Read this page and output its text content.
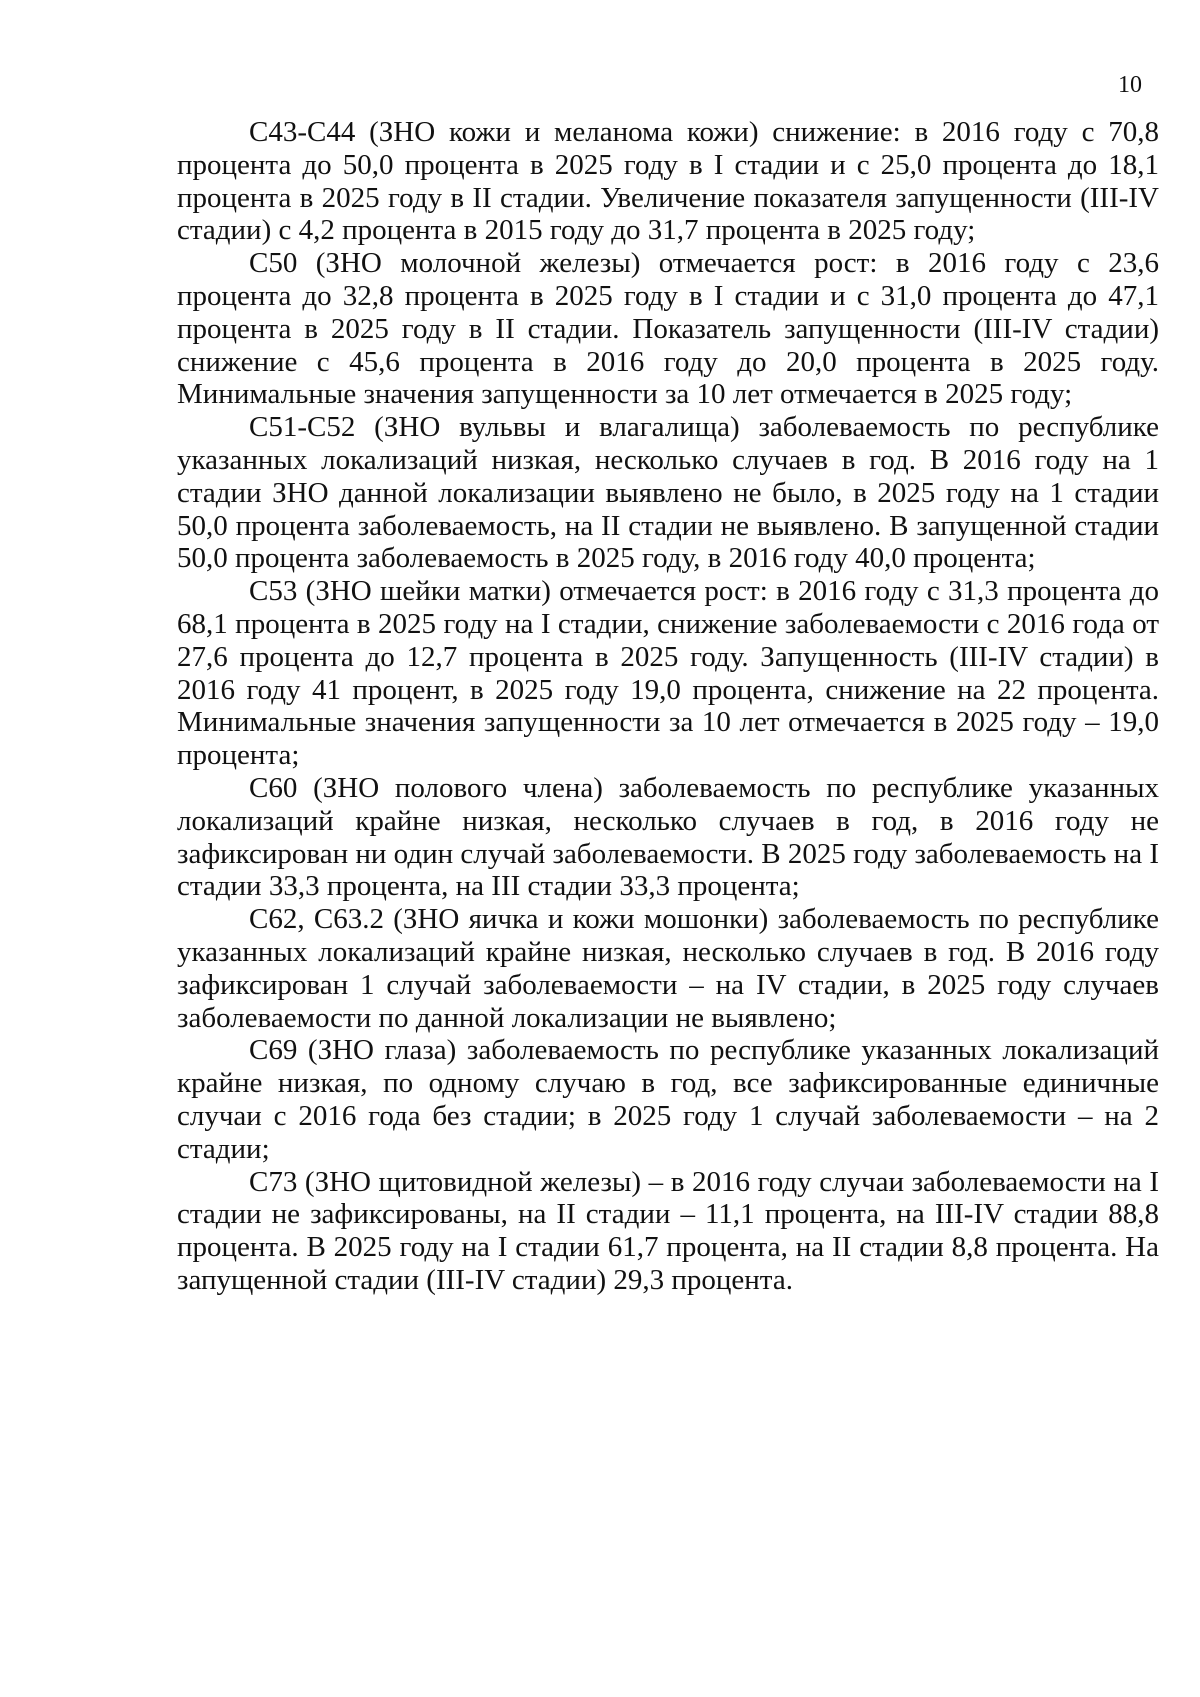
10

C43-C44 (ЗНО кожи и меланома кожи) снижение: в 2016 году с 70,8 процента до 50,0 процента в 2025 году в I стадии и с 25,0 процента до 18,1 процента в 2025 году в II стадии. Увеличение показателя запущенности (III-IV стадии) с 4,2 процента в 2015 году до 31,7 процента в 2025 году;

C50 (ЗНО молочной железы) отмечается рост: в 2016 году с 23,6 процента до 32,8 процента в 2025 году в I стадии и с 31,0 процента до 47,1 процента в 2025 году в II стадии. Показатель запущенности (III-IV стадии) снижение с 45,6 процента в 2016 году до 20,0 процента в 2025 году. Минимальные значения запущенности за 10 лет отмечается в 2025 году;

C51-C52 (ЗНО вульвы и влагалища) заболеваемость по республике указанных локализаций низкая, несколько случаев в год. В 2016 году на 1 стадии ЗНО данной локализации выявлено не было, в 2025 году на 1 стадии 50,0 процента заболеваемость, на II стадии не выявлено. В запущенной стадии 50,0 процента заболеваемость в 2025 году, в 2016 году 40,0 процента;

C53 (ЗНО шейки матки) отмечается рост: в 2016 году с 31,3 процента до 68,1 процента в 2025 году на I стадии, снижение заболеваемости с 2016 года от 27,6 процента до 12,7 процента в 2025 году. Запущенность (III-IV стадии) в 2016 году 41 процент, в 2025 году 19,0 процента, снижение на 22 процента. Минимальные значения запущенности за 10 лет отмечается в 2025 году – 19,0 процента;

C60 (ЗНО полового члена) заболеваемость по республике указанных локализаций крайне низкая, несколько случаев в год, в 2016 году не зафиксирован ни один случай заболеваемости. В 2025 году заболеваемость на I стадии 33,3 процента, на III стадии 33,3 процента;

C62, C63.2 (ЗНО яичка и кожи мошонки) заболеваемость по республике указанных локализаций крайне низкая, несколько случаев в год. В 2016 году зафиксирован 1 случай заболеваемости – на IV стадии, в 2025 году случаев заболеваемости по данной локализации не выявлено;

C69 (ЗНО глаза) заболеваемость по республике указанных локализаций крайне низкая, по одному случаю в год, все зафиксированные единичные случаи с 2016 года без стадии; в 2025 году 1 случай заболеваемости – на 2 стадии;

C73 (ЗНО щитовидной железы) – в 2016 году случаи заболеваемости на I стадии не зафиксированы, на II стадии – 11,1 процента, на III-IV стадии 88,8 процента. В 2025 году на I стадии 61,7 процента, на II стадии 8,8 процента. На запущенной стадии (III-IV стадии) 29,3 процента.
